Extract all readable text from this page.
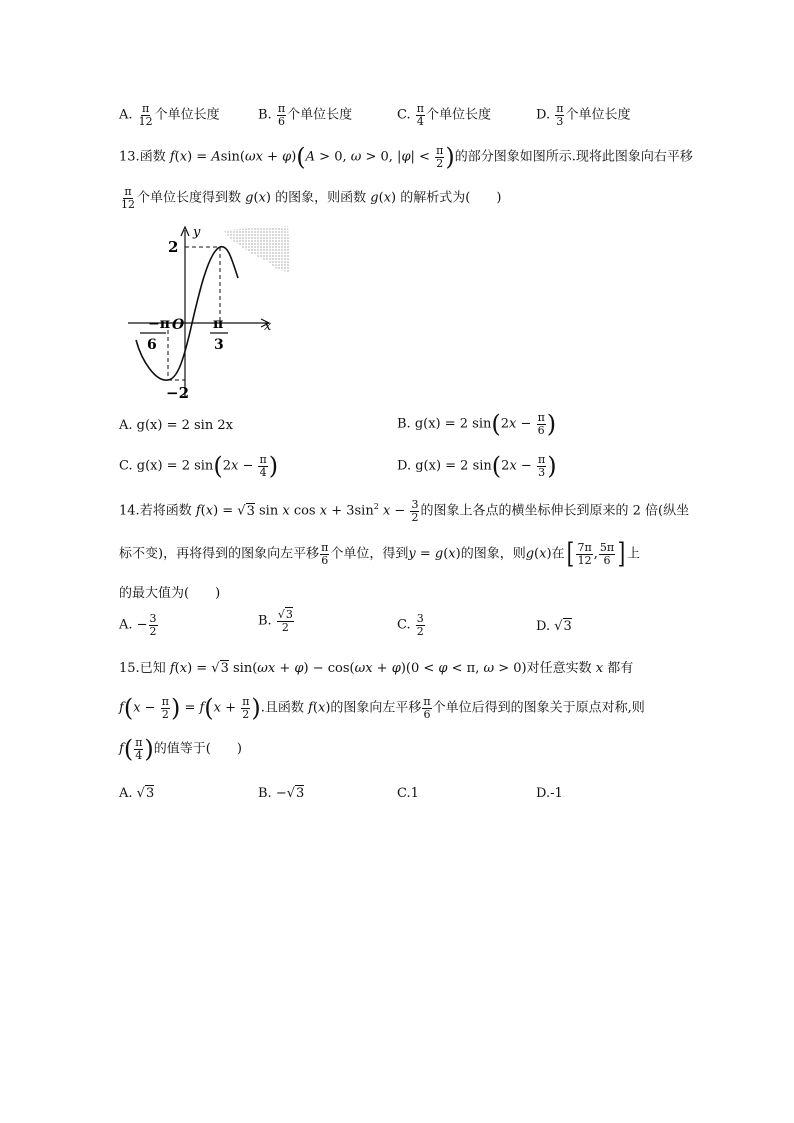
A. $\frac{\pi}{12}$ 个单位长度	B. $\frac{\pi}{6}$ 个单位长度	C. $\frac{\pi}{4}$ 个单位长度	D. $\frac{\pi}{3}$ 个单位长度
13.函数 f(x) = Asin(ωx + φ)(A > 0, ω > 0, $|\varphi| < \frac{\pi}{2}$ )的部分图象如图所示.现将此图象向右平移
$\frac{\pi}{12}$ 个单位长度得到数 g(x) 的图象，则函数 g(x) 的解析式为(　　)
y
2
O	x
−2
−π
6
π
3
A. g(x) = 2 sin 2x	B. g(x) = 2 $\sin(2x - \frac{\pi}{6}$ )
C. g(x) = 2 $\sin(2x - \frac{\pi}{4}$ )	D. g(x) = 2 $\sin(2x - \frac{\pi}{3}$ )
14.若将函数 f(x) = √3 sin x $\cos x + 3\sin^2$ $x - \frac{3}{2}$ 的图象上各点的横坐标伸长到原来的 2 倍(纵坐
标不变)，再将得到的图象向左平移 $\frac{\pi}{6}$ 个单位，得到y = g(x)的图象，则g(x)在[ $\frac{7\pi}{12}$ , $\frac{5\pi}{6}$ ] 上
的最大值为(　　)
A. − $\frac{3}{2}$	B. $\frac{√3}{2}$	C. $\frac{3}{2}$	D. √3
15.已知 f(x) = √3 sin(ωx + φ) − cos(ωx + φ)(0 < φ < π, ω > 0)对任意实数 x 都有
$f(x - \frac{\pi}{2}$ ) = $f(x + \frac{\pi}{2}$ ).且函数 f(x)的图象向左平移 $\frac{\pi}{6}$ 个单位后得到的图象关于原点对称,则
$f( \frac{\pi}{4}$ )的值等于(　　)
A. √3	B. −√3	C.1	D.-1
